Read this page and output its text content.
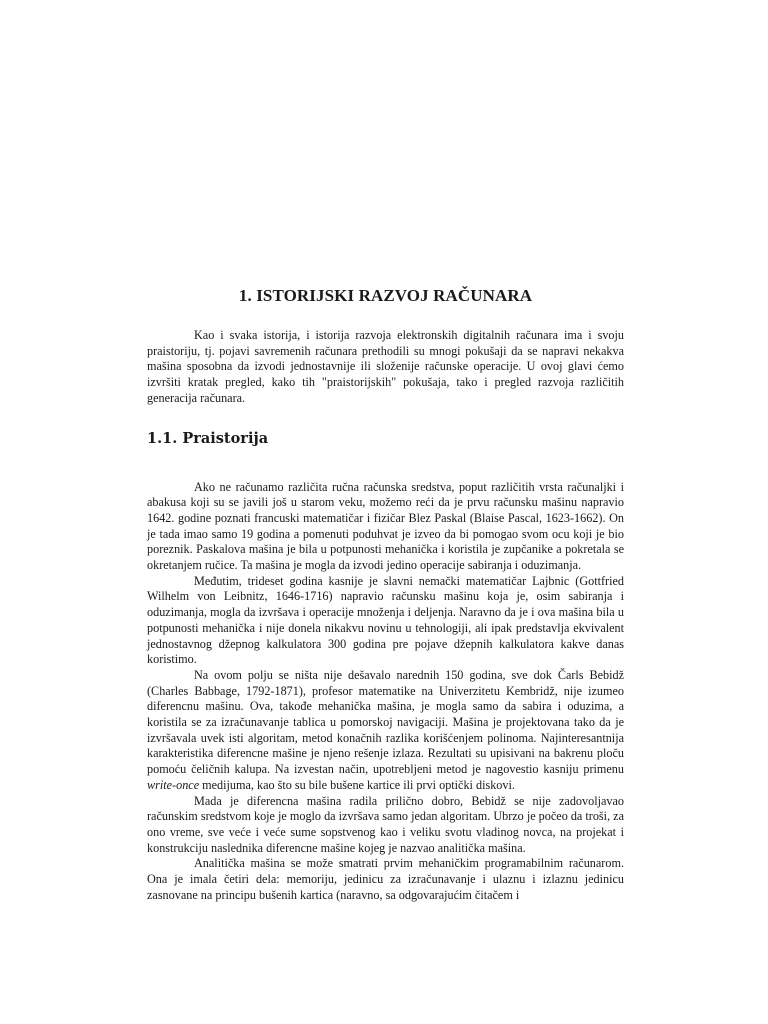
1. ISTORIJSKI RAZVOJ RAČUNARA

Kao i svaka istorija, i istorija razvoja elektronskih digitalnih računara ima i svoju praistoriju, tj. pojavi savremenih računara prethodili su mnogi pokušaji da se napravi nekakva mašina sposobna da izvodi jednostavnije ili složenije računske operacije. U ovoj glavi ćemo izvršiti kratak pregled, kako tih "praistorijskih" pokušaja, tako i pregled razvoja različitih generacija računara.

1.1. Praistorija

Ako ne računamo različita ručna računska sredstva, poput različitih vrsta računaljki i abakusa koji su se javili još u starom veku, možemo reći da je prvu računsku mašinu napravio 1642. godine poznati francuski matematičar i fizičar Blez Paskal (Blaise Pascal, 1623-1662). On je tada imao samo 19 godina a pomenuti poduhvat je izveo da bi pomogao svom ocu koji je bio poreznik. Paskalova mašina je bila u potpunosti mehanička i koristila je zupčanike a pokretala se okretanjem ručice. Ta mašina je mogla da izvodi jedino operacije sabiranja i oduzimanja.

Međutim, trideset godina kasnije je slavni nemački matematičar Lajbnic (Gottfried Wilhelm von Leibnitz, 1646-1716) napravio računsku mašinu koja je, osim sabiranja i oduzimanja, mogla da izvršava i operacije množenja i deljenja. Naravno da je i ova mašina bila u potpunosti mehanička i nije donela nikakvu novinu u tehnologiji, ali ipak predstavlja ekvivalent jednostavnog džepnog kalkulatora 300 godina pre pojave džepnih kalkulatora kakve danas koristimo.

Na ovom polju se ništa nije dešavalo narednih 150 godina, sve dok Čarls Bebidž (Charles Babbage, 1792-1871), profesor matematike na Univerzitetu Kembridž, nije izumeo diferencnu mašinu. Ova, takođe mehanička mašina, je mogla samo da sabira i oduzima, a koristila se za izračunavanje tablica u pomorskoj navigaciji. Mašina je projektovana tako da je izvršavala uvek isti algoritam, metod konačnih razlika korišćenjem polinoma. Najinteresantnija karakteristika diferencne mašine je njeno rešenje izlaza. Rezultati su upisivani na bakrenu ploču pomoću čeličnih kalupa. Na izvestan način, upotrebljeni metod je nagovestio kasniju primenu write-once medijuma, kao što su bile bušene kartice ili prvi optički diskovi.

Mada je diferencna mašina radila prilično dobro, Bebidž se nije zadovoljavao računskim sredstvom koje je moglo da izvršava samo jedan algoritam. Ubrzo je počeo da troši, za ono vreme, sve veće i veće sume sopstvenog kao i veliku svotu vladinog novca, na projekat i konstrukciju naslednika diferencne mašine kojeg je nazvao analitička mašina.

Analitička mašina se može smatrati prvim mehaničkim programabilnim računarom. Ona je imala četiri dela: memoriju, jedinicu za izračunavanje i ulaznu i izlaznu jedinicu zasnovane na principu bušenih kartica (naravno, sa odgovarajućim čitačem i
